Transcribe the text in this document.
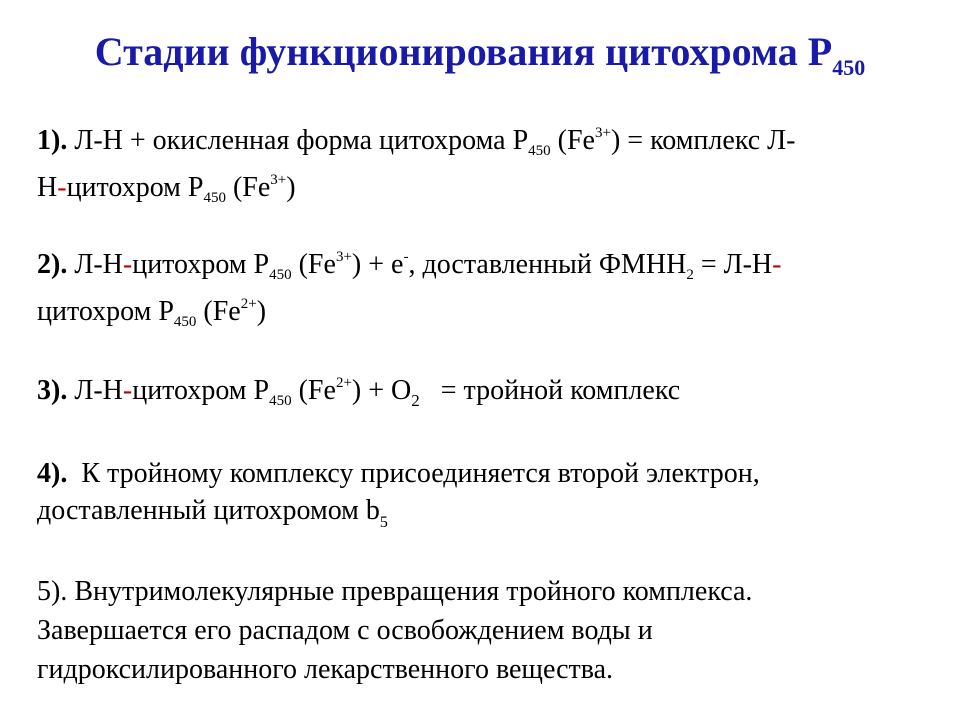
Стадии функционирования цитохрома $Р_{450}$
1). Л-Н + окисленная форма цитохрома $Р_{450}$ $(Fe^{3+})$ = комплекс Л-
Н-цитохром $Р_{450}$ $(Fe^{3+})$
2). Л-Н-цитохром $Р_{450}$ $(Fe^{3+}) + е^-$, доставленный $ФМНН_2 = Л-Н-$
цитохром $Р_{450}$ $(Fe^{2+})$
3). Л-Н-цитохром $Р_{450}$ $(Fe^{2+}) + О_2$   = тройной комплекс
4).  К тройному комплексу присоединяется второй электрон,
доставленный цитохромом $b_5$
5). Внутримолекулярные превращения тройного комплекса.
Завершается его распадом с освобождением воды и
гидроксилированного лекарственного вещества.
